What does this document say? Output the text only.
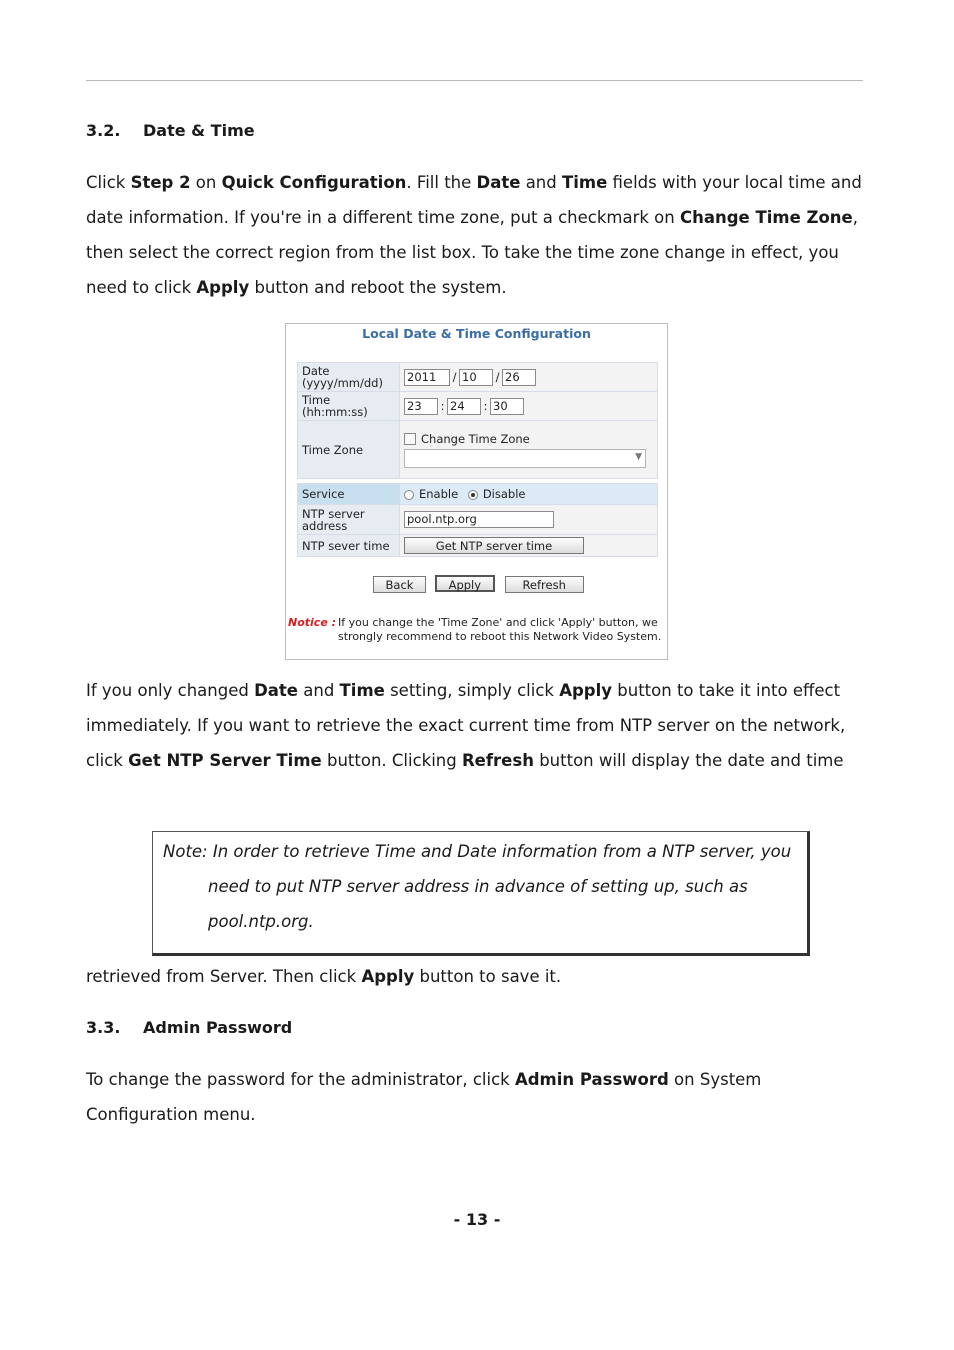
3.2. Date & Time

Click Step 2 on Quick Configuration. Fill the Date and Time fields with your local time and date information. If you're in a different time zone, put a checkmark on Change Time Zone, then select the correct region from the list box. To take the time zone change in effect, you need to click Apply button and reboot the system.

Local Date & Time Configuration
Date (yyyy/mm/dd)	2011 / 10 / 26
Time (hh:mm:ss)	23 : 24 : 30
Time Zone	Change Time Zone
▼

Service	Enable Disable
NTP server address	pool.ntp.org
NTP sever time	Get NTP server time
Back	Apply	Refresh
Notice : If you change the 'Time Zone' and click 'Apply' button, we strongly recommend to reboot this Network Video System.

If you only changed Date and Time setting, simply click Apply button to take it into effect immediately. If you want to retrieve the exact current time from NTP server on the network, click Get NTP Server Time button. Clicking Refresh button will display the date and time

Note: In order to retrieve Time and Date information from a NTP server, you

need to put NTP server address in advance of setting up, such as
pool.ntp.org.

retrieved from Server. Then click Apply button to save it.

3.3. Admin Password

To change the password for the administrator, click Admin Password on System Configuration menu.

- 13 -
